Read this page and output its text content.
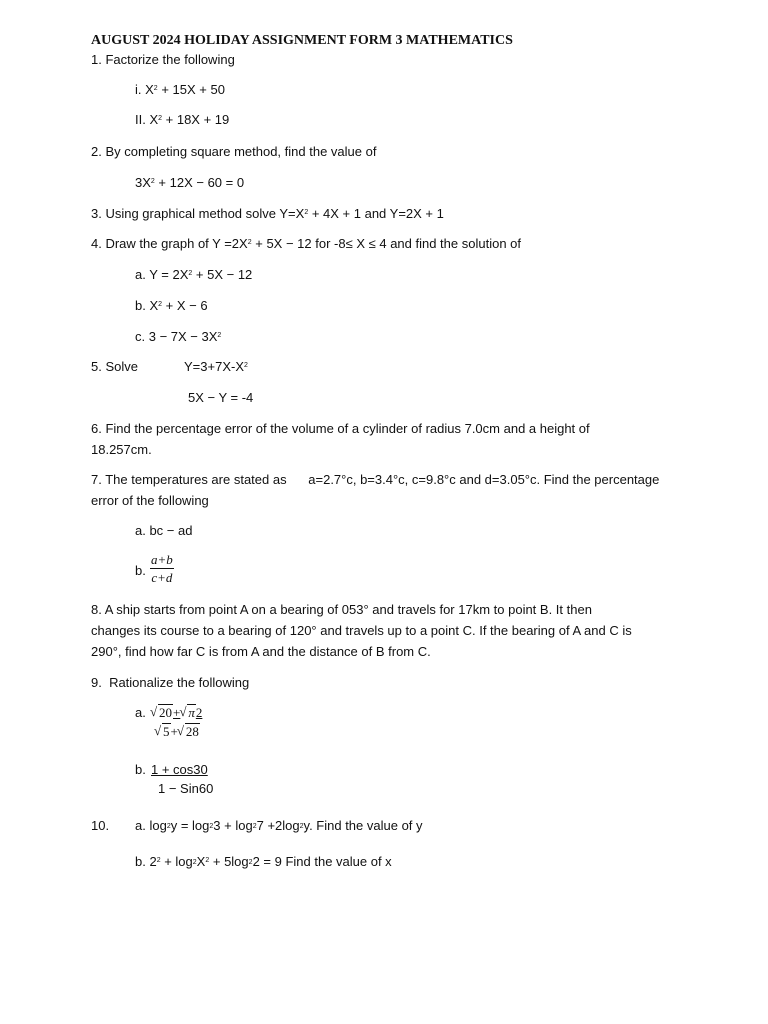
AUGUST 2024 HOLIDAY ASSIGNMENT FORM 3 MATHEMATICS
1. Factorize the following
i. $X^2 + 15X + 50$
II. $X^2 + 18X + 19$
2. By completing square method, find the value of
$3X^2 + 12X - 60 = 0$
3. Using graphical method solve $Y=X^2 + 4X + 1$ and Y=2X + 1
4. Draw the graph of $Y =2X^2 + 5X - 12$ for -8≤ X ≤ 4 and find the solution of
a. $Y = 2X^2 + 5X - 12$
b. $X^2 + X - 6$
c. $3 - 7X - 3X^2$
5. Solve	$Y=3+7X-X^2$
5X − Y = -4
6. Find the percentage error of the volume of a cylinder of radius 7.0cm and a height of
18.257cm.
7. The temperatures are stated as      a=2.7°c, b=3.4°c, c=9.8°c and d=3.05°c. Find the percentage
error of the following
a. bc − ad
b. $\frac{a+b}{c+d}$
8. A ship starts from point A on a bearing of 053° and travels for 17km to point B. It then
changes its course to a bearing of 120° and travels up to a point C. If the bearing of A and C is
290°, find how far C is from A and the distance of B from C.
9.  Rationalize the following
a.	√ 20+ √ π2
√ 5+ √ 28
b. 1 + cos30
1 − Sin60
10. a. $\log_2y = \log_23 + \log_27 +2\log_2y$. Find the value of y
b. $2^2 + \log_2X^2 + 5\log_22 = 9$ Find the value of x
